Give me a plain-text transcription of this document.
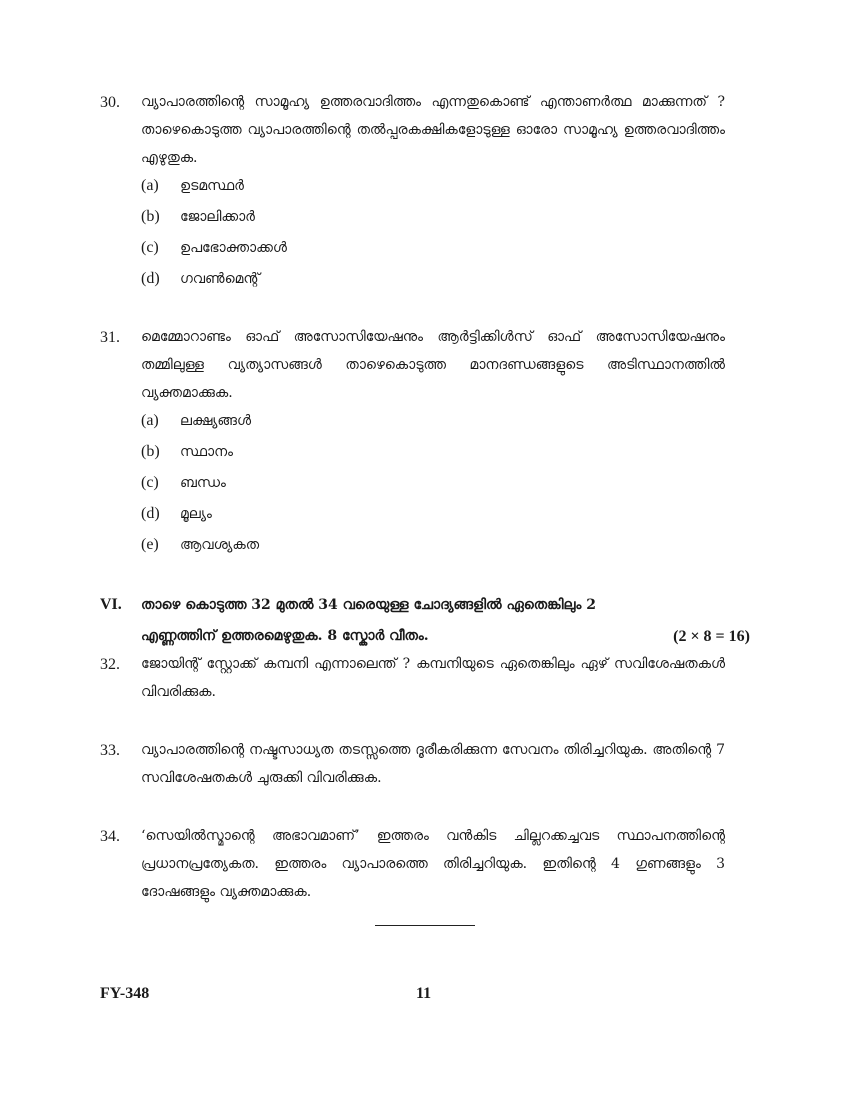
30. വ്യാപാരത്തിന്റെ സാമൂഹ്യ ഉത്തരവാദിത്തം എന്നതുകൊണ്ട് എന്താണർത്ഥ മാക്കുന്നത് ? താഴെകൊടുത്ത വ്യാപാരത്തിന്റെ തൽപ്പരകക്ഷികളോടുള്ള ഓരോ സാമൂഹ്യ ഉത്തരവാദിത്തം എഴുതുക.
(a) ഉടമസ്ഥർ
(b) ജോലിക്കാർ
(c) ഉപഭോക്താക്കൾ
(d) ഗവൺമെന്റ്
31. മെമ്മോറാണ്ടം ഓഫ് അസോസിയേഷനും ആർട്ടിക്കിൾസ് ഓഫ് അസോസിയേഷനും തമ്മിലുള്ള വ്യത്യാസങ്ങൾ താഴെകൊടുത്ത മാനദണ്ഡങ്ങളുടെ അടിസ്ഥാനത്തിൽ വ്യക്തമാക്കുക.
(a) ലക്ഷ്യങ്ങൾ
(b) സ്ഥാനം
(c) ബന്ധം
(d) മൂല്യം
(e) ആവശ്യകത
VI. താഴെ കൊടുത്ത 32 മുതൽ 34 വരെയുള്ള ചോദ്യങ്ങളിൽ ഏതെങ്കിലും 2 എണ്ണത്തിന് ഉത്തരമെഴുതുക. 8 സ്കോർ വീതം.	(2 × 8 = 16)
32. ജോയിന്റ് സ്റ്റോക്ക് കമ്പനി എന്നാലെന്ത് ? കമ്പനിയുടെ ഏതെങ്കിലും ഏഴ് സവിശേഷതകൾ വിവരിക്കുക.
33. വ്യാപാരത്തിന്റെ നഷ്ടസാധ്യത തടസ്സത്തെ ദൂരീകരിക്കുന്ന സേവനം തിരിച്ചറിയുക. അതിന്റെ 7 സവിശേഷതകൾ ചുരുക്കി വിവരിക്കുക.
34. ‘സെയിൽസ്മാന്റെ അഭാവമാണ്’ ഇത്തരം വൻകിട ചില്ലറക്കച്ചവട സ്ഥാപനത്തിന്റെ പ്രധാനപ്രത്യേകത. ഇത്തരം വ്യാപാരത്തെ തിരിച്ചറിയുക. ഇതിന്റെ 4 ഗുണങ്ങളും 3 ദോഷങ്ങളും വ്യക്തമാക്കുക.
FY-348	11
